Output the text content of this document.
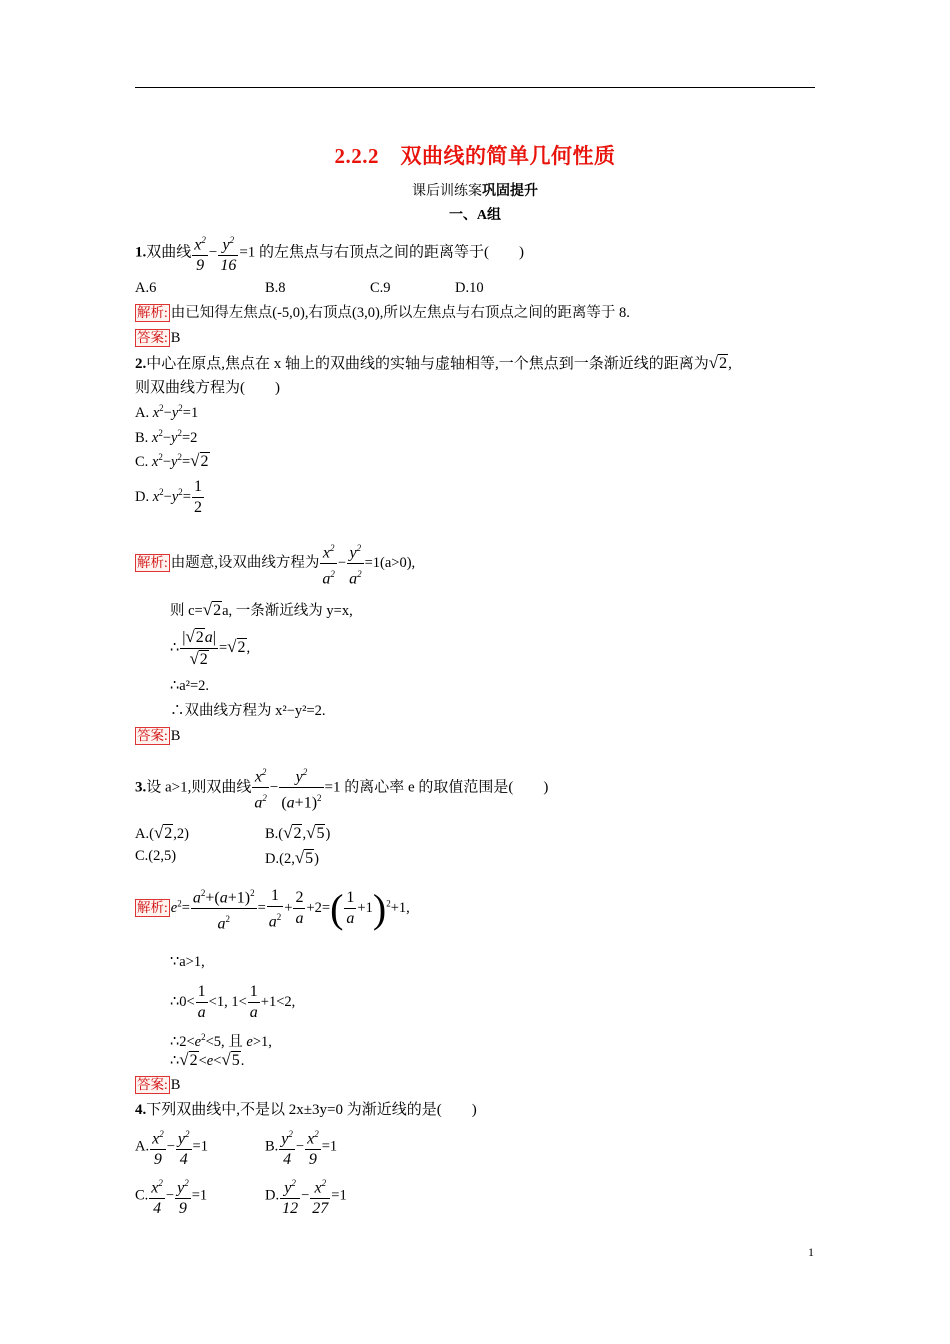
2.2.2　双曲线的简单几何性质
课后训练案巩固提升
一、A组
1.双曲线 $\frac{x^2}{9} - \frac{y^2}{16} =1$ 的左焦点与右顶点之间的距离等于(　　)
A.6	B.8	C.9	D.10
解析: 由已知得左焦点(-5,0),右顶点(3,0),所以左焦点与右顶点之间的距离等于 8.
答案: B
2.中心在原点,焦点在 x 轴上的双曲线的实轴与虚轴相等,一个焦点到一条渐近线的距离为√2,
则双曲线方程为(　　)
A. $x^2-y^2=1$
B. $x^2-y^2=2$
C. $x^2-y^2=√2$
D. $x^2-y^2= \frac{1}{2}$
解析: 由题意,设双曲线方程为 $\frac{x^2}{a^2} - \frac{y^2}{a^2} =1(a>0)$,
则 c=√2a, 一条渐近线为 y=x,
∴ $\frac{|√2a|}{√2} =√2$,
∴a²=2.
∴双曲线方程为 x²−y²=2.
答案: B
3.设 a>1,则双曲线 $\frac{x^2}{a^2} - \frac{y^2}{(a+1)^2} =1$ 的离心率 e 的取值范围是(　　)
A.(√2,2)	B.(√2,√5)
C.(2,5)	D.(2,√5)
解析: $e^2= \frac{a^2+(a+1)^2}{a^2} = \frac{1}{a^2} + \frac{2}{a} +2=( \frac{1}{a} +1)^2+1$,
∵a>1,
∴0< $\frac{1}{a} <1$, $1< \frac{1}{a} +1<2$,
$\therefore 2<e^2<5$, 且 e>1,
∴√2<e<√5.
答案: B
4.下列双曲线中,不是以 2x±3y=0 为渐近线的是(　　)
A. $\frac{x^2}{9} - \frac{y^2}{4} =1$	B. $\frac{y^2}{4} - \frac{x^2}{9} =1$
C. $\frac{x^2}{4} - \frac{y^2}{9} =1$	D. $\frac{y^2}{12} - \frac{x^2}{27} =1$
1
